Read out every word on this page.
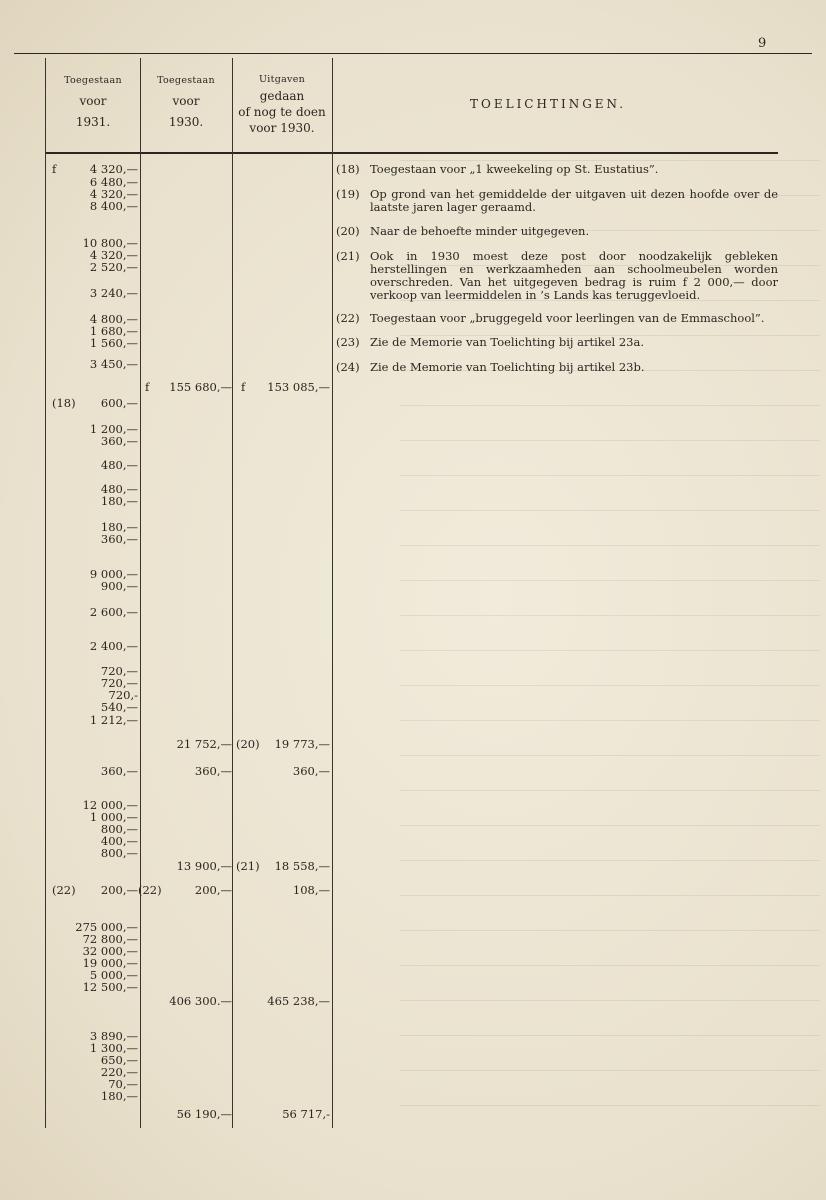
9
Toegestaan
voor
1931.
Toegestaan
voor
1930.
Uitgaven
gedaan
of nog te doen
voor 1930.
TOELICHTINGEN.
4 320,—
f
6 480,—
4 320,—
8 400,—
10 800,—
4 320,—
2 520,—
3 240,—
4 800,—
1 680,—
1 560,—
3 450,—
600,—
(18)
1 200,—
360,—
480,—
480,—
180,—
180,—
360,—
9 000,—
900,—
2 600,—
2 400,—
720,—
720,—
720,-
540,—
1 212,—
360,—
12 000,—
1 000,—
800,—
400,—
800,—
200,—
(22)
275 000,—
72 800,—
32 000,—
19 000,—
5 000,—
12 500,—
3 890,—
1 300,—
650,—
220,—
70,—
180,—
155 680,—
f
21 752,—
360,—
13 900,—
200,—
(22)
406 300.—
56 190,—
153 085,—
f
19 773,—
(20)
360,—
18 558,—
(21)
108,—
465 238,—
56 717,-
(18) Toegestaan voor „1 kweekeling op St. Eustatius”.
(19) Op grond van het gemiddelde der uitgaven uit dezen hoofde over de laatste jaren lager geraamd.
(20) Naar de behoefte minder uitgegeven.
(21) Ook in 1930 moest deze post door noodzakelijk gebleken herstellingen en werkzaamheden aan schoolmeubelen worden overschreden. Van het uitgegeven bedrag is ruim f 2 000,— door verkoop van leermiddelen in ’s Lands kas teruggevloeid.
(22) Toegestaan voor „bruggegeld voor leerlingen van de Emmaschool”.
(23) Zie de Memorie van Toelichting bij artikel 23a.
(24) Zie de Memorie van Toelichting bij artikel 23b.
